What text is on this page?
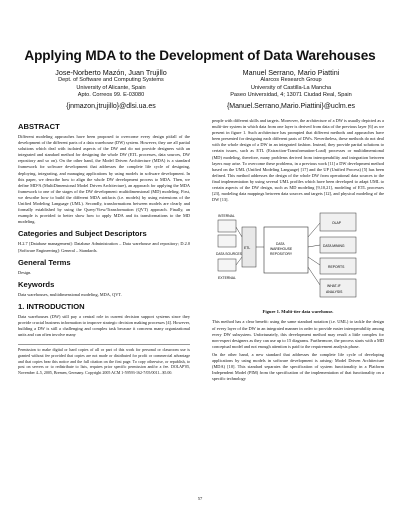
Applying MDA to the Development of Data Warehouses
Jose-Norberto Mazón, Juan Trujillo
Dept. of Software and Computing Systems
University of Alicante, Spain
Apto. Correos 99. E-03080
{jnmazon,jtrujillo}@dlsi.ua.es
Manuel Serrano, Mario Piattini
Alarcos Research Group
University of Castilla-La Mancha
Paseo Universidad, 4; 13071 Ciudad Real, Spain
{Manuel.Serrano,Mario.Piattini}@uclm.es
ABSTRACT
Different modeling approaches have been proposed to overcome every design pitfall of the development of the different parts of a data warehouse (DW) system. However, they are all partial solutions which deal with isolated aspects of the DW and do not provide designers with an integrated and standard method for designing the whole DW (ETL processes, data sources, DW repository and so on). On the other hand, the Model Driven Architecture (MDA) is a standard framework for software development that addresses the complete life cycle of designing, deploying, integrating, and managing applications by using models in software development. In this paper, we describe how to align the whole DW development process to MDA. Then, we define MD²A (MultiDimensional Model Driven Architecture), an approach for applying the MDA framework to one of the stages of the DW development: multidimensional (MD) modeling. First, we describe how to build the different MDA artifacts (i.e. models) by using extensions of the Unified Modeling Language (UML). Secondly, transformations between models are clearly and formally established by using the Query/View/Transformation (QVT) approach. Finally, an example is provided to better show how to apply MDA and its transformations to the MD modeling.
Categories and Subject Descriptors
H.2.7 [Database management]: Database Administration – Data warehouse and repository; D.2.0 [Software Engineering]: General – Standards.
General Terms
Design.
Keywords
Data warehouses, multidimensional modeling, MDA, QVT.
1. INTRODUCTION
Data warehouses (DW) still pay a central role in current decision support systems since they provide crucial business information to improve strategic decision making processes [4]. However, building a DW is still a challenging and complex task because it concerns many organizational units and can often involve many
Permission to make digital or hard copies of all or part of this work for personal or classroom use is granted without fee provided that copies are not made or distributed for profit or commercial advantage and that copies bear this notice and the full citation on the first page. To copy otherwise, or republish, to post on servers or to redistribute to lists, requires prior specific permission and/or a fee. DOLAP'05, November 4–5, 2005, Bremen, Germany. Copyright 2005 ACM 1-59593-162-7/05/0011...$5.00.
people with different skills and targets. Moreover, the architecture of a DW is usually depicted as a multi-tier system in which data from one layer is derived from data of the previous layer [6] as we present in figure 1. Such architecture has prompted that different methods and approaches have been presented for designing each different parts of DWs. Nevertheless, these methods do not deal with the whole design of a DW in an integrated fashion. Instead, they provide partial solutions to certain issues, such as ETL (Extraction-Transformation-Load) processes or multidimensional (MD) modeling, therefore, many problems derived from interoperability and integration between layers may arise. To overcome these problems, in a previous work [11] a DW development method based on the UML (Unified Modeling Language) [17] and the UP (Unified Process) [5] has been defined. This method addresses the design of the whole DW from operational data sources to the final implementation by using several UML profiles which have been developed to adapt UML to certain aspects of the DW design, such as MD modeling [9,10,21], modeling of ETL processes [23], modeling data mappings between data sources and targets [12], and physical modeling of the DW [13].
INTERNAL
DATA SOURCES
EXTERNAL
ETL
DATA
WAREHOUSE
REPOSITORY
OLAP
DATA MINING
REPORTS
WHAT-IF
ANALYSIS
Figure 1. Multi-tier data warehouse.
This method has a clear benefit: using the same standard notation (i.e. UML) to tackle the design of every layer of the DW in an integrated manner in order to provide easier interoperability among every DW subsystem. Unfortunately, this development method may result a little complex for non-expert designers as they can use up to 15 diagrams. Furthermore, the process starts with a MD conceptual model and not enough attention is paid to the requirement analysis phase.
On the other hand, a new standard that addresses the complete life cycle of developing applications by using models in software development is arising: Model Driven Architecture (MDA) [10]. This standard separates the specification of system functionality in a Platform Independent Model (PIM) from the specification of the implementation of that functionality on a specific technology
57
